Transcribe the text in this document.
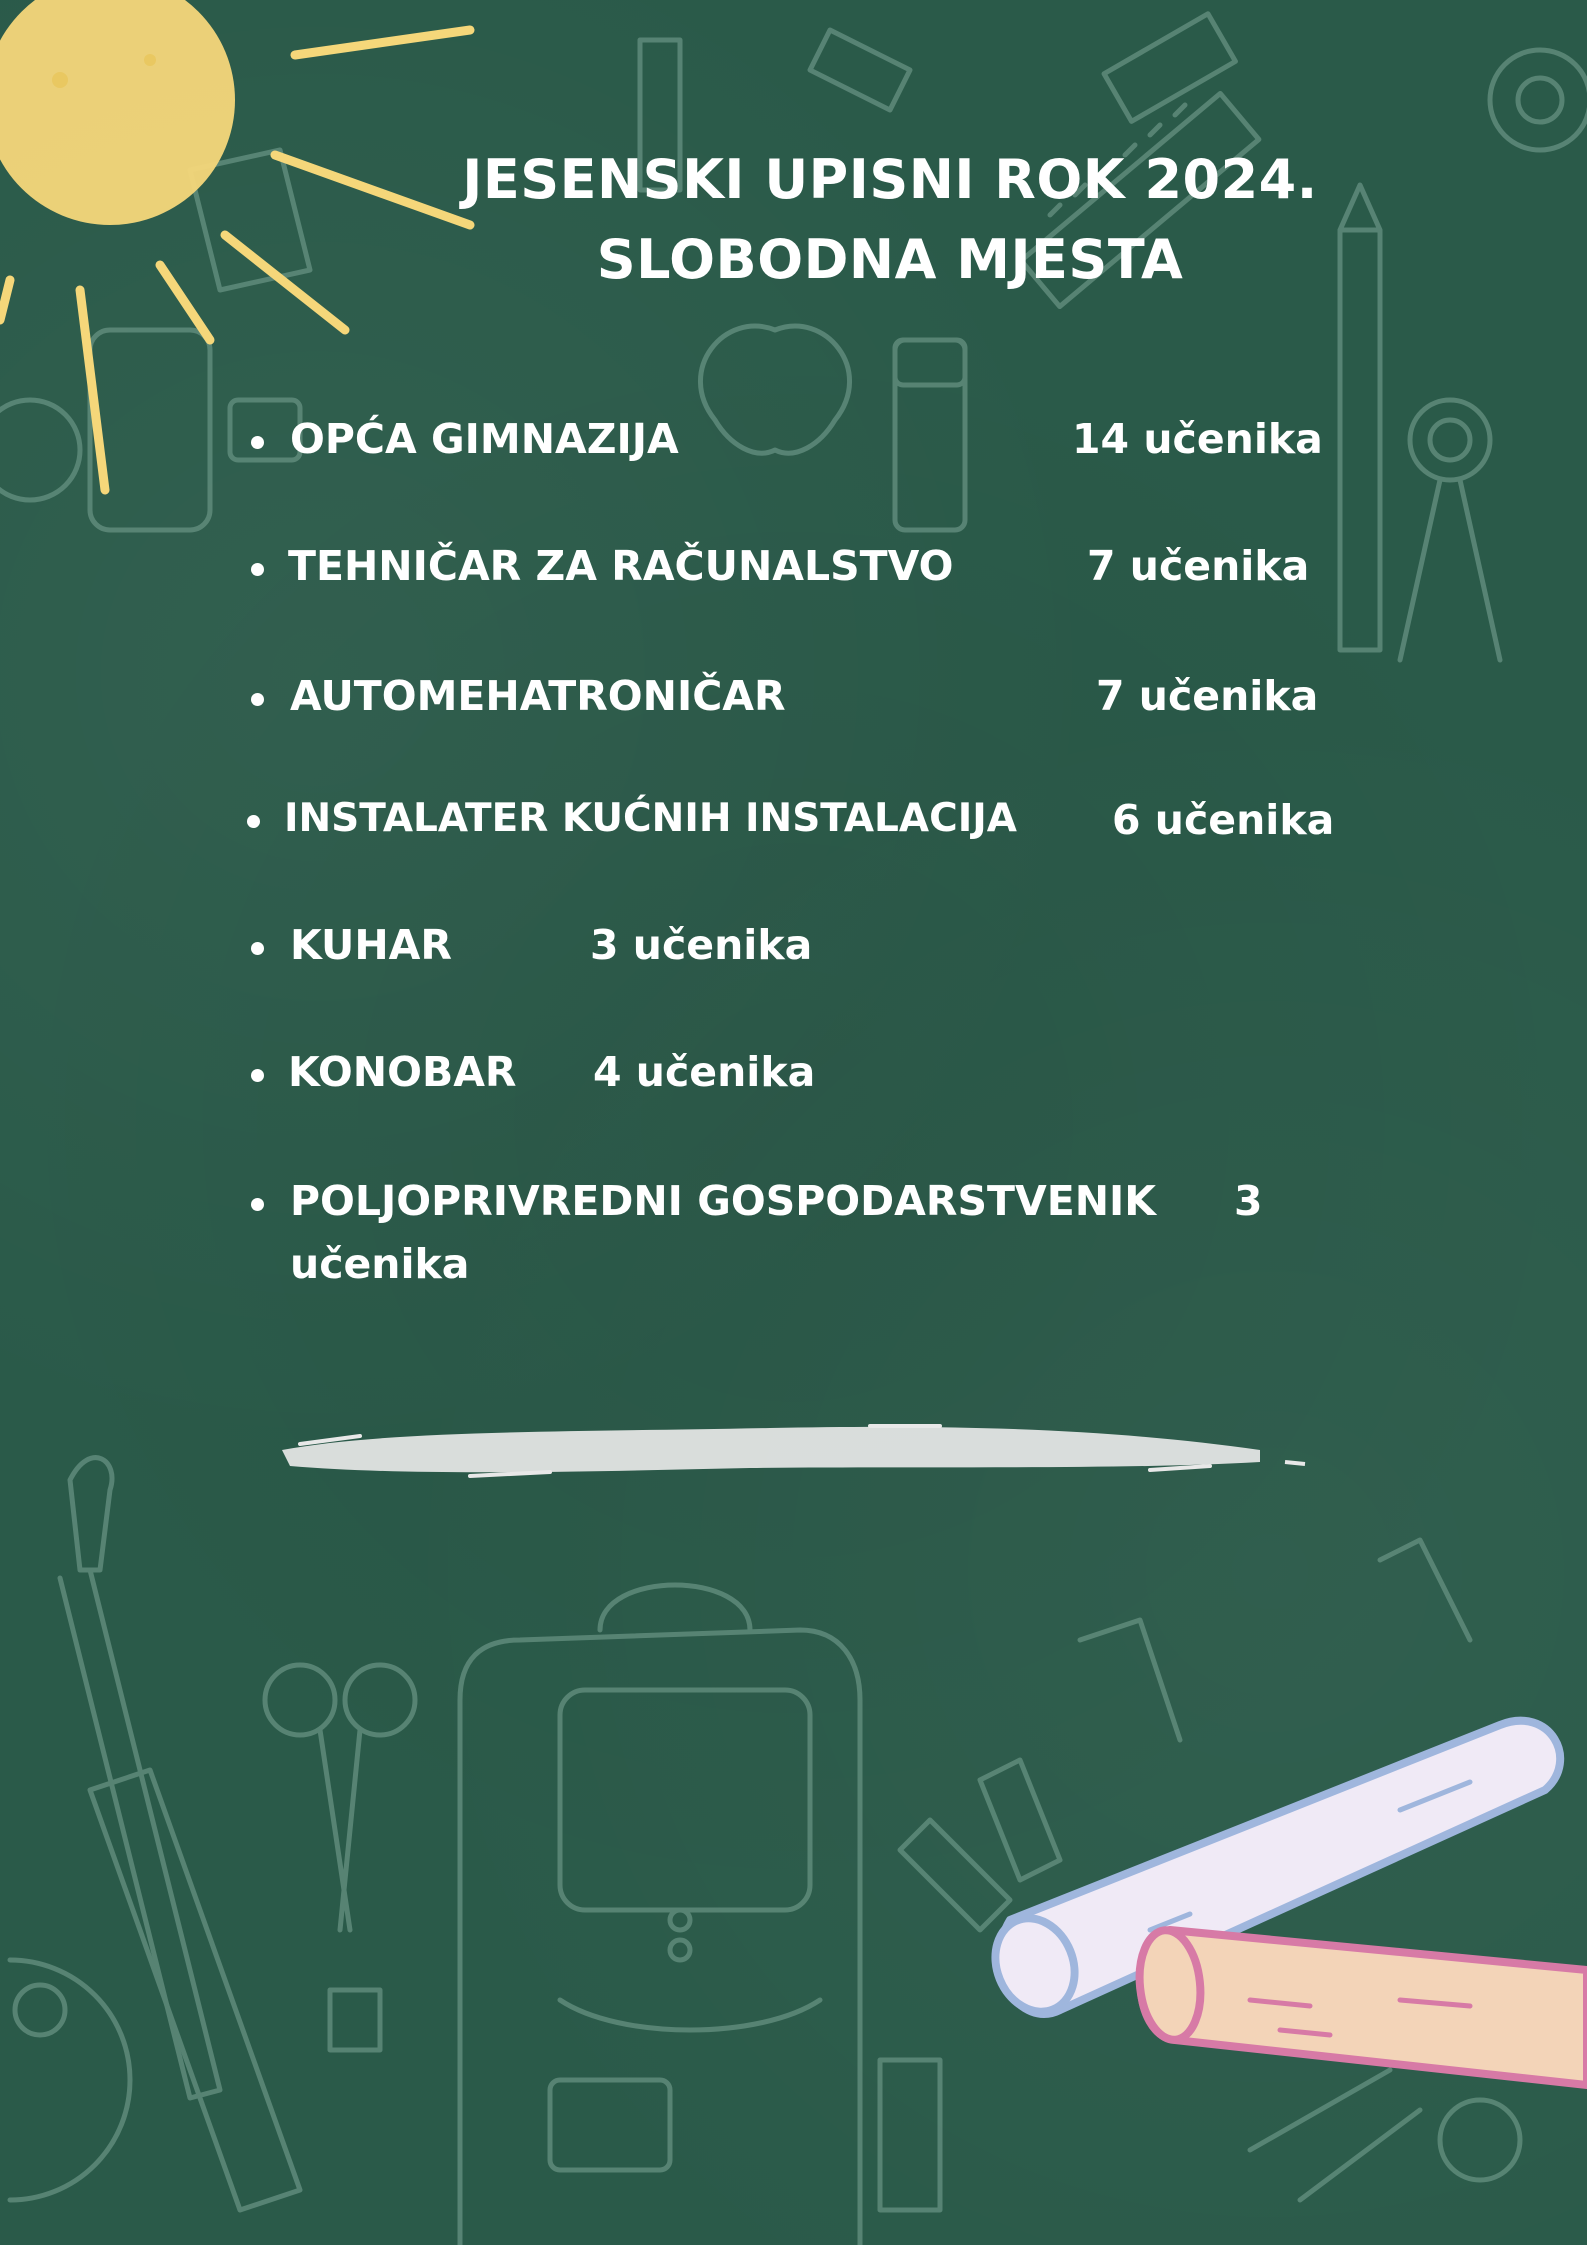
JESENSKI UPISNI ROK 2024.
SLOBODNA MJESTA
OPĆA GIMNAZIJA	14 učenika
TEHNIČAR ZA RAČUNALSTVO	7 učenika
AUTOMEHATRONIČAR	7 učenika
INSTALATER KUĆNIH INSTALACIJA 6 učenika
KUHAR	3 učenika
KONOBAR 4 učenika
POLJOPRIVREDNI GOSPODARSTVENIK 3
učenika
